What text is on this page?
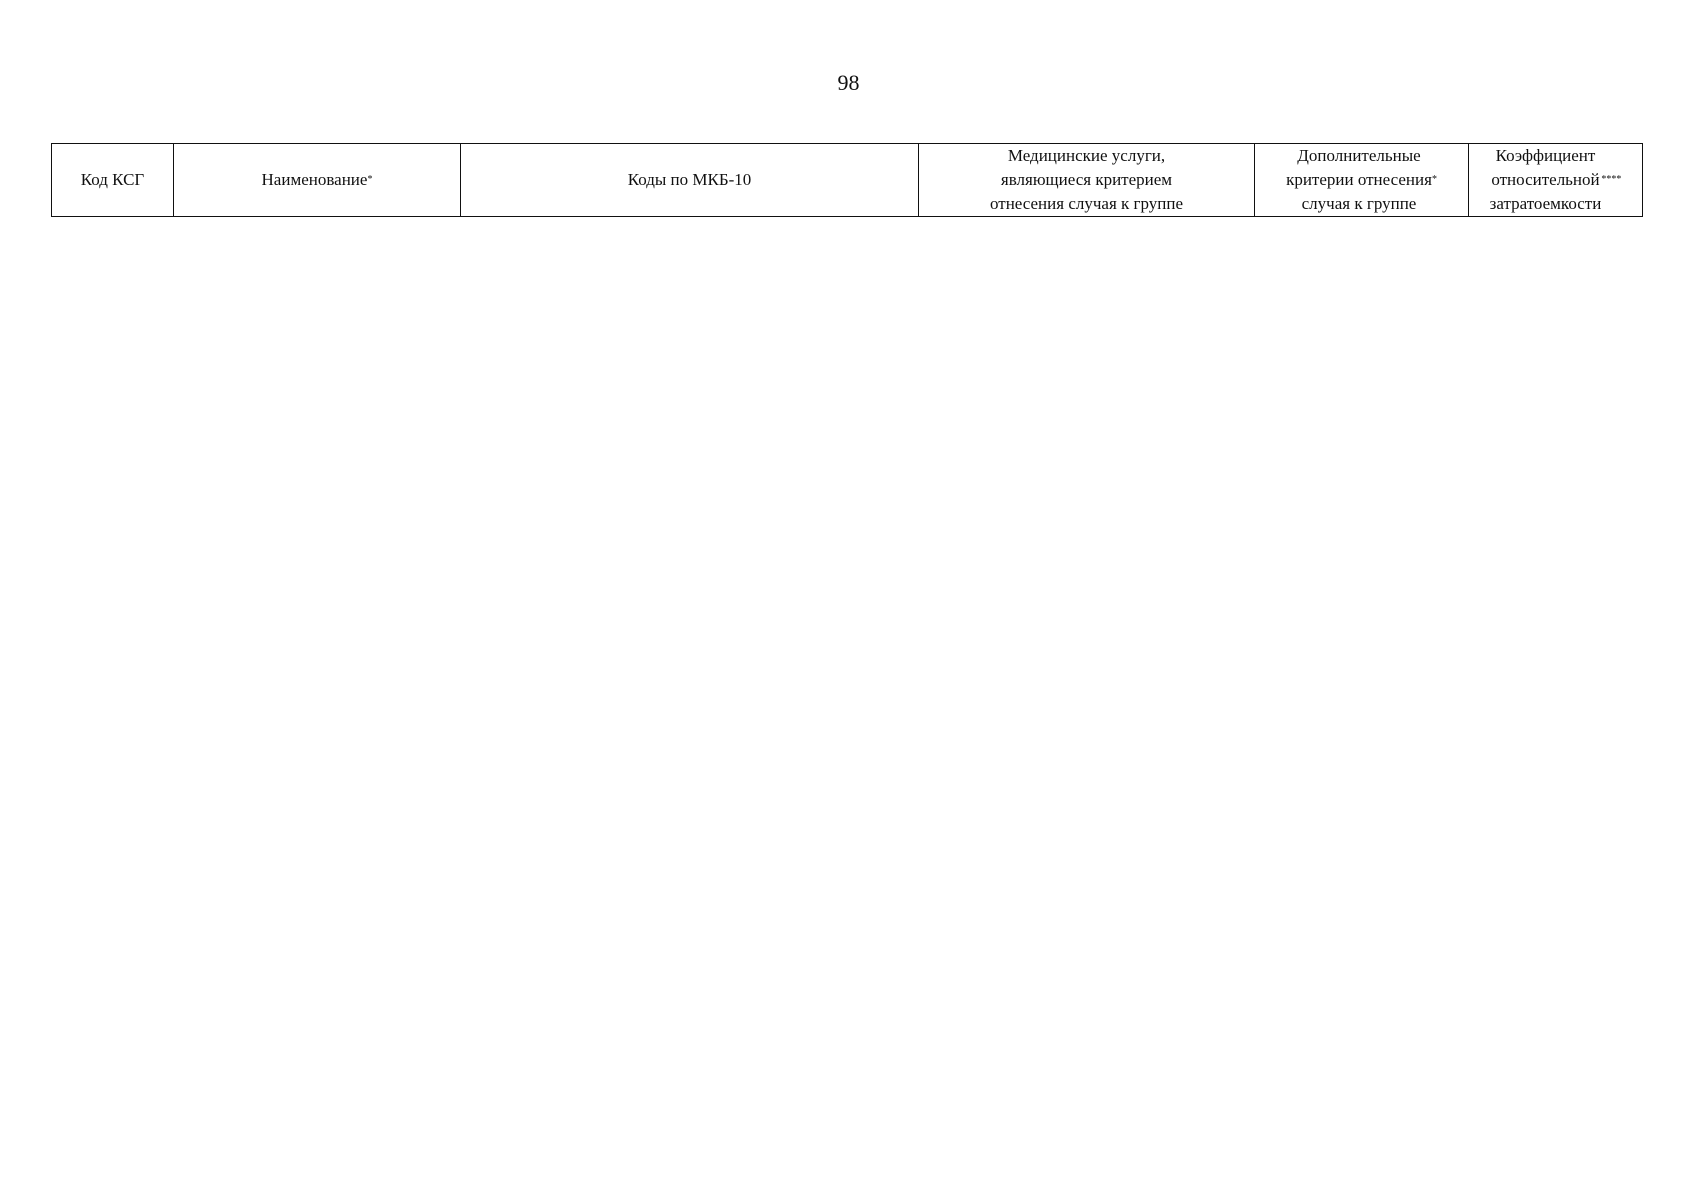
98
Код КСГ	Наименование *	Коды по МКБ-10
Медицинские услуги,
являющиеся критерием
отнесения случая к группе
Дополнительные
критерии отнесения
случая к группе
*
Коэффициент
относительной
затратоемкости
****
